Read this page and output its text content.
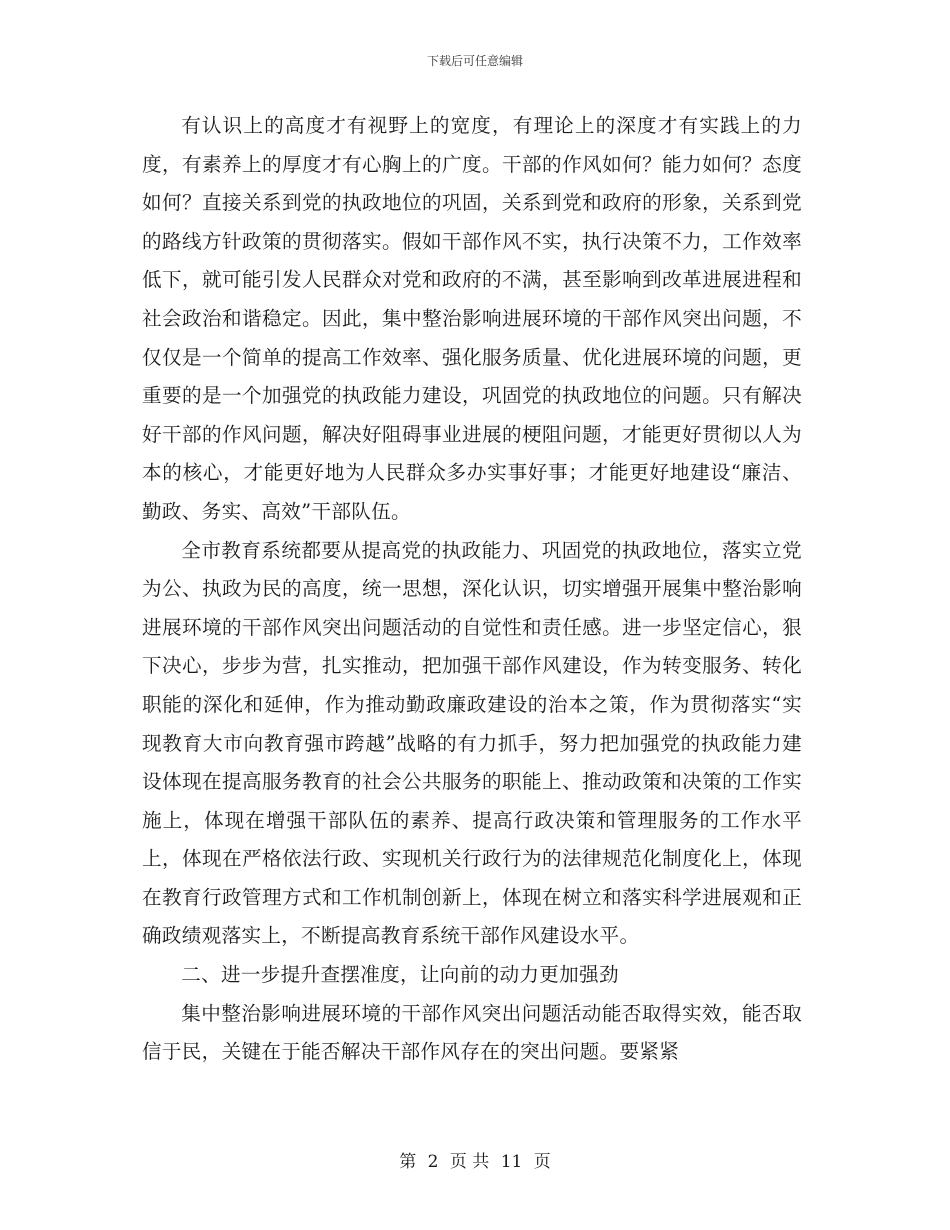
下载后可任意编辑

有认识上的高度才有视野上的宽度，有理论上的深度才有实践上的力度，有素养上的厚度才有心胸上的广度。干部的作风如何？能力如何？态度如何？直接关系到党的执政地位的巩固，关系到党和政府的形象，关系到党的路线方针政策的贯彻落实。假如干部作风不实，执行决策不力，工作效率低下，就可能引发人民群众对党和政府的不满，甚至影响到改革进展进程和社会政治和谐稳定。因此，集中整治影响进展环境的干部作风突出问题，不仅仅是一个简单的提高工作效率、强化服务质量、优化进展环境的问题，更重要的是一个加强党的执政能力建设，巩固党的执政地位的问题。只有解决好干部的作风问题，解决好阻碍事业进展的梗阻问题，才能更好贯彻以人为本的核心，才能更好地为人民群众多办实事好事；才能更好地建设“廉洁、勤政、务实、高效”干部队伍。

全市教育系统都要从提高党的执政能力、巩固党的执政地位，落实立党为公、执政为民的高度，统一思想，深化认识，切实增强开展集中整治影响进展环境的干部作风突出问题活动的自觉性和责任感。进一步坚定信心，狠下决心，步步为营，扎实推动，把加强干部作风建设，作为转变服务、转化职能的深化和延伸，作为推动勤政廉政建设的治本之策，作为贯彻落实“实现教育大市向教育强市跨越”战略的有力抓手，努力把加强党的执政能力建设体现在提高服务教育的社会公共服务的职能上、推动政策和决策的工作实施上，体现在增强干部队伍的素养、提高行政决策和管理服务的工作水平上，体现在严格依法行政、实现机关行政行为的法律规范化制度化上，体现在教育行政管理方式和工作机制创新上，体现在树立和落实科学进展观和正确政绩观落实上，不断提高教育系统干部作风建设水平。

二、进一步提升查摆准度，让向前的动力更加强劲

集中整治影响进展环境的干部作风突出问题活动能否取得实效，能否取信于民，关键在于能否解决干部作风存在的突出问题。要紧紧

第 2 页 共 11 页
